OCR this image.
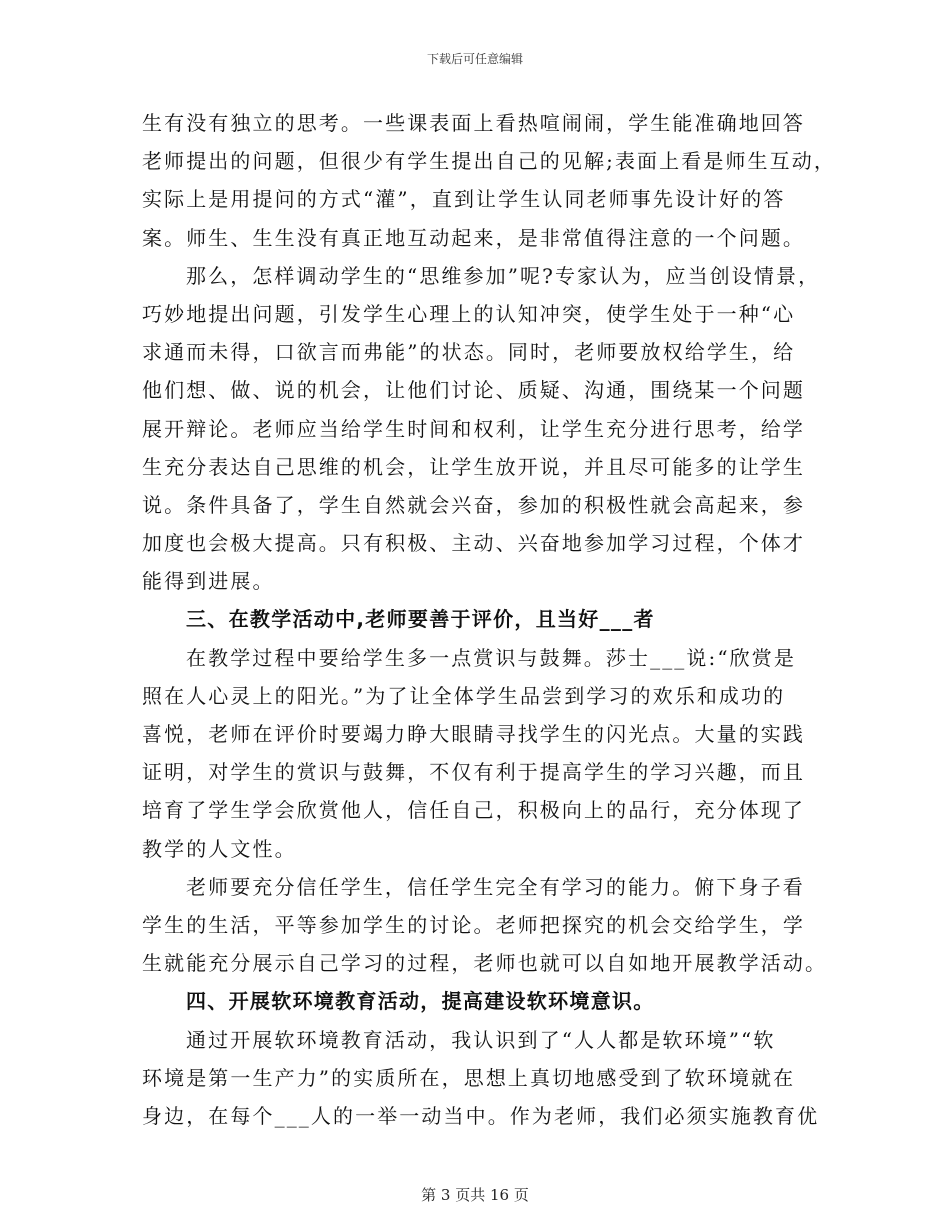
下载后可任意编辑
生有没有独立的思考。一些课表面上看热喧闹闹，学生能准确地回答
老师提出的问题，但很少有学生提出自己的见解;表面上看是师生互动，
实际上是用提问的方式“灌”，直到让学生认同老师事先设计好的答
案。师生、生生没有真正地互动起来，是非常值得注意的一个问题。
那么，怎样调动学生的“思维参加”呢?专家认为，应当创设情景，
巧妙地提出问题，引发学生心理上的认知冲突，使学生处于一种“心
求通而未得，口欲言而弗能”的状态。同时，老师要放权给学生，给
他们想、做、说的机会，让他们讨论、质疑、沟通，围绕某一个问题
展开辩论。老师应当给学生时间和权利，让学生充分进行思考，给学
生充分表达自己思维的机会，让学生放开说，并且尽可能多的让学生
说。条件具备了，学生自然就会兴奋，参加的积极性就会高起来，参
加度也会极大提高。只有积极、主动、兴奋地参加学习过程，个体才
能得到进展。
三、在教学活动中,老师要善于评价，且当好___者
在教学过程中要给学生多一点赏识与鼓舞。莎士___说:“欣赏是
照在人心灵上的阳光。”为了让全体学生品尝到学习的欢乐和成功的
喜悦，老师在评价时要竭力睁大眼睛寻找学生的闪光点。大量的实践
证明，对学生的赏识与鼓舞，不仅有利于提高学生的学习兴趣，而且
培育了学生学会欣赏他人，信任自己，积极向上的品行，充分体现了
教学的人文性。
老师要充分信任学生，信任学生完全有学习的能力。俯下身子看
学生的生活，平等参加学生的讨论。老师把探究的机会交给学生，学
生就能充分展示自己学习的过程，老师也就可以自如地开展教学活动。
四、开展软环境教育活动，提高建设软环境意识。
通过开展软环境教育活动，我认识到了“人人都是软环境”“软
环境是第一生产力”的实质所在，思想上真切地感受到了软环境就在
身边，在每个___人的一举一动当中。作为老师，我们必须实施教育优
第 3 页共 16 页
